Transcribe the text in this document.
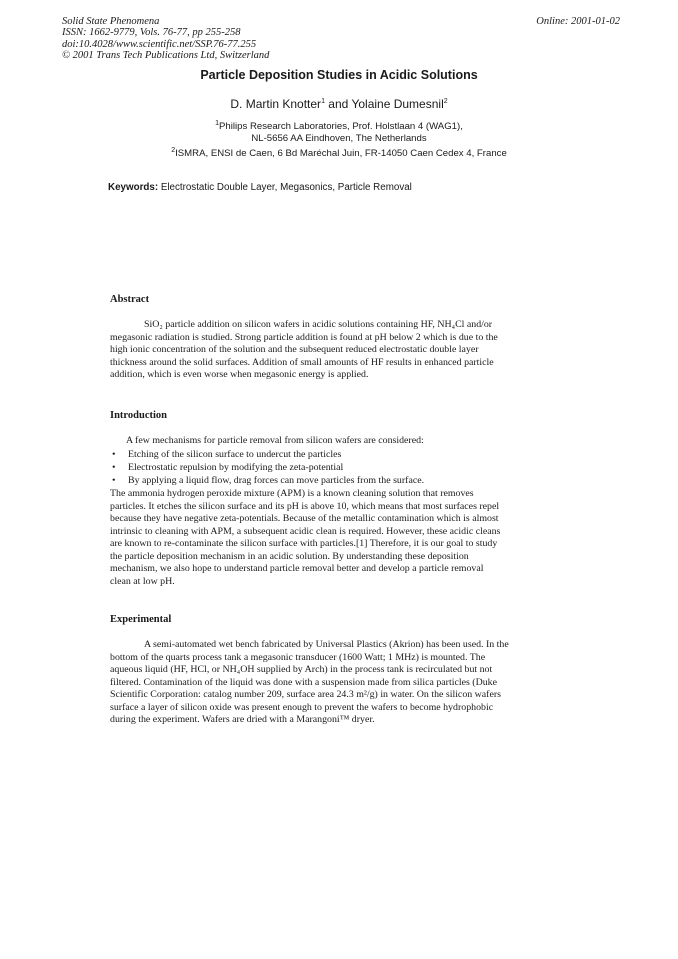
Solid State Phenomena
ISSN: 1662-9779, Vols. 76-77, pp 255-258
doi:10.4028/www.scientific.net/SSP.76-77.255
© 2001 Trans Tech Publications Ltd, Switzerland
Online: 2001-01-02
Particle Deposition Studies in Acidic Solutions
D. Martin Knotter$^1$ and Yolaine Dumesnil$^2$
$^1$Philips Research Laboratories, Prof. Holstlaan 4 (WAG1),
NL-5656 AA Eindhoven, The Netherlands
$^2$ISMRA, ENSI de Caen, 6 Bd Maréchal Juin, FR-14050 Caen Cedex 4, France
Keywords: Electrostatic Double Layer, Megasonics, Particle Removal
Abstract
SiO₂ particle addition on silicon wafers in acidic solutions containing HF, NH₄Cl and/or
megasonic radiation is studied. Strong particle addition is found at pH below 2 which is due to the
high ionic concentration of the solution and the subsequent reduced electrostatic double layer
thickness around the solid surfaces. Addition of small amounts of HF results in enhanced particle
addition, which is even worse when megasonic energy is applied.
Introduction
A few mechanisms for particle removal from silicon wafers are considered:
•	Etching of the silicon surface to undercut the particles
•	Electrostatic repulsion by modifying the zeta-potential
•	By applying a liquid flow, drag forces can move particles from the surface.
The ammonia hydrogen peroxide mixture (APM) is a known cleaning solution that removes
particles. It etches the silicon surface and its pH is above 10, which means that most surfaces repel
because they have negative zeta-potentials. Because of the metallic contamination which is almost
intrinsic to cleaning with APM, a subsequent acidic clean is required. However, these acidic cleans
are known to re-contaminate the silicon surface with particles.[1] Therefore, it is our goal to study
the particle deposition mechanism in an acidic solution. By understanding these deposition
mechanism, we also hope to understand particle removal better and develop a particle removal
clean at low pH.
Experimental
A semi-automated wet bench fabricated by Universal Plastics (Akrion) has been used. In the
bottom of the quarts process tank a megasonic transducer (1600 Watt; 1 MHz) is mounted. The
aqueous liquid (HF, HCl, or NH₄OH supplied by Arch) in the process tank is recirculated but not
filtered. Contamination of the liquid was done with a suspension made from silica particles (Duke
Scientific Corporation: catalog number 209, surface area 24.3 m²/g) in water. On the silicon wafers
surface a layer of silicon oxide was present enough to prevent the wafers to become hydrophobic
during the experiment. Wafers are dried with a Marangoni™ dryer.
